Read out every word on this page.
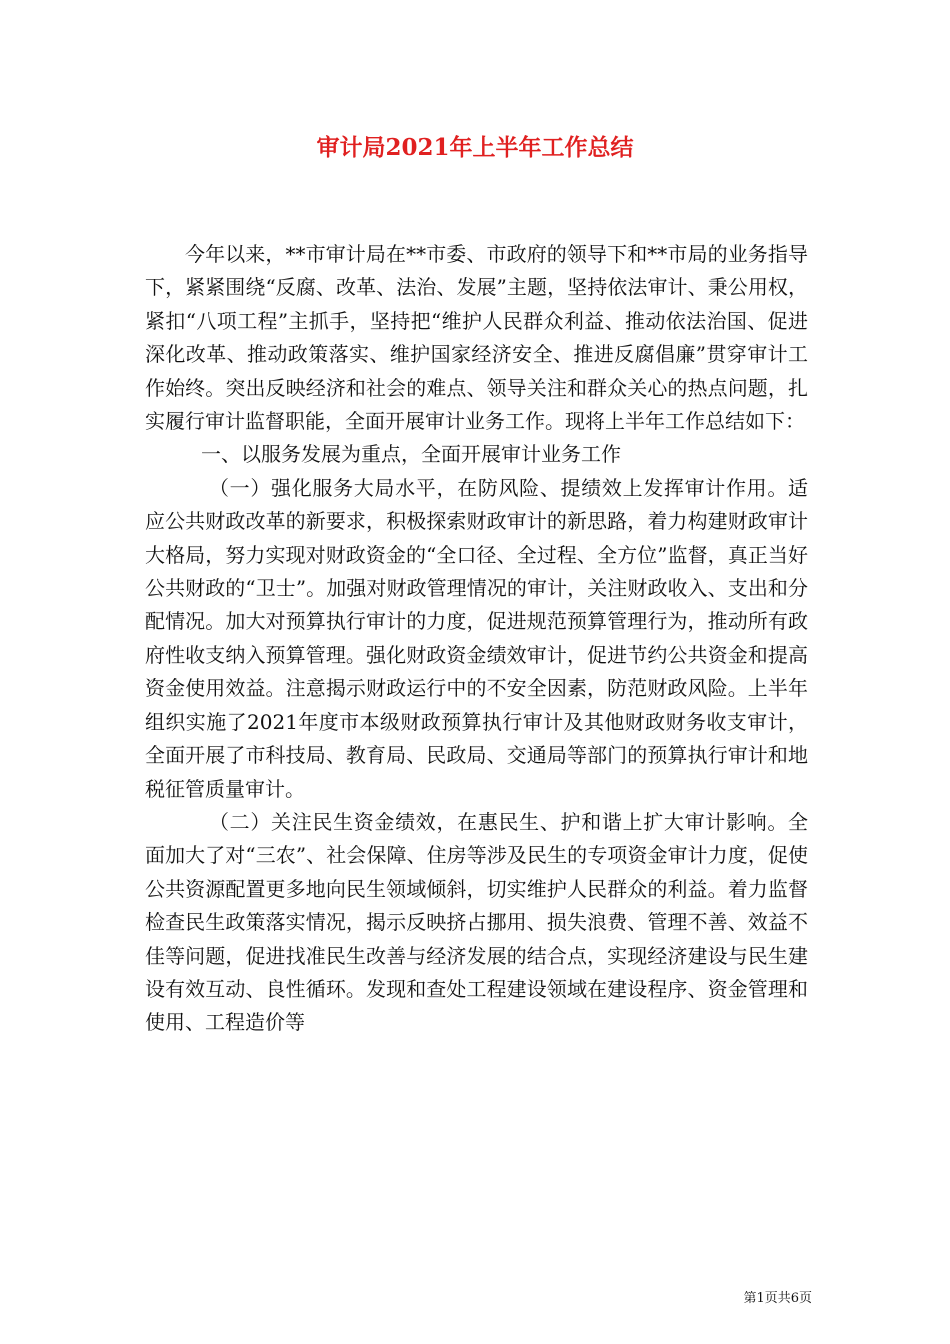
审计局2021年上半年工作总结

今年以来，**市审计局在**市委、市政府的领导下和**市局的业务指导下，紧紧围绕“反腐、改革、法治、发展”主题，坚持依法审计、秉公用权，紧扣“八项工程”主抓手，坚持把“维护人民群众利益、推动依法治国、促进深化改革、推动政策落实、维护国家经济安全、推进反腐倡廉”贯穿审计工作始终。突出反映经济和社会的难点、领导关注和群众关心的热点问题，扎实履行审计监督职能，全面开展审计业务工作。现将上半年工作总结如下：

一、以服务发展为重点，全面开展审计业务工作

（一）强化服务大局水平，在防风险、提绩效上发挥审计作用。适应公共财政改革的新要求，积极探索财政审计的新思路，着力构建财政审计大格局，努力实现对财政资金的“全口径、全过程、全方位”监督，真正当好公共财政的“卫士”。加强对财政管理情况的审计，关注财政收入、支出和分配情况。加大对预算执行审计的力度，促进规范预算管理行为，推动所有政府性收支纳入预算管理。强化财政资金绩效审计，促进节约公共资金和提高资金使用效益。注意揭示财政运行中的不安全因素，防范财政风险。上半年组织实施了2021年度市本级财政预算执行审计及其他财政财务收支审计，全面开展了市科技局、教育局、民政局、交通局等部门的预算执行审计和地税征管质量审计。

（二）关注民生资金绩效，在惠民生、护和谐上扩大审计影响。全面加大了对“三农”、社会保障、住房等涉及民生的专项资金审计力度，促使公共资源配置更多地向民生领域倾斜，切实维护人民群众的利益。着力监督检查民生政策落实情况，揭示反映挤占挪用、损失浪费、管理不善、效益不佳等问题，促进找准民生改善与经济发展的结合点，实现经济建设与民生建设有效互动、良性循环。发现和查处工程建设领域在建设程序、资金管理和使用、工程造价等

第1页共6页
